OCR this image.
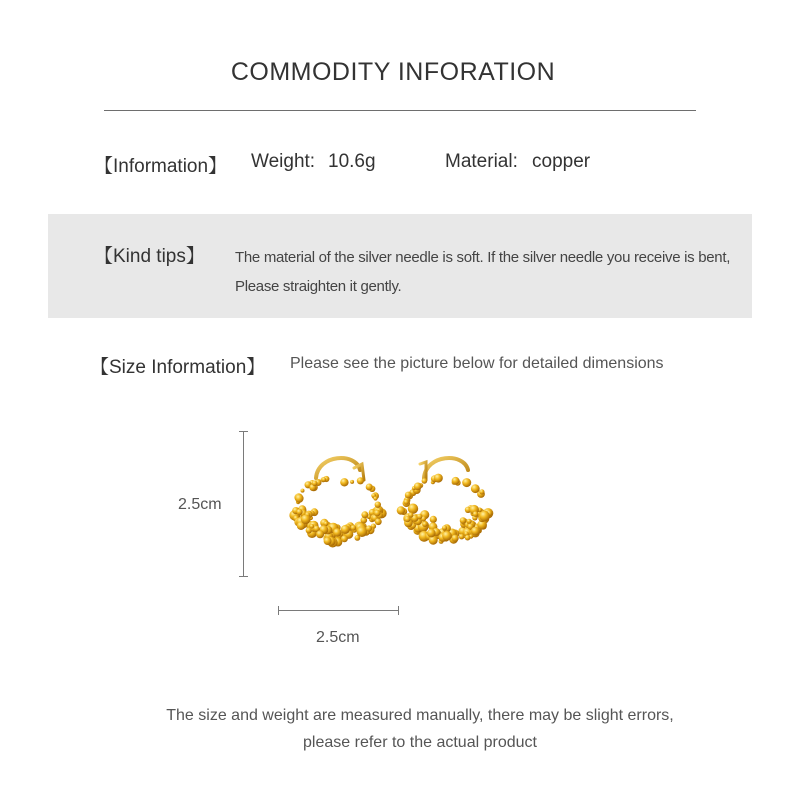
COMMODITY INFORATION
【Information】 Weight: 10.6g	Material: copper
【Kind tips】 The material of the silver needle is soft. If the silver needle you receive is bent,
Please straighten it gently.
【Size Information】 Please see the picture below for detailed dimensions
2.5cm
2.5cm
The size and weight are measured manually, there may be slight errors,
please refer to the actual product
